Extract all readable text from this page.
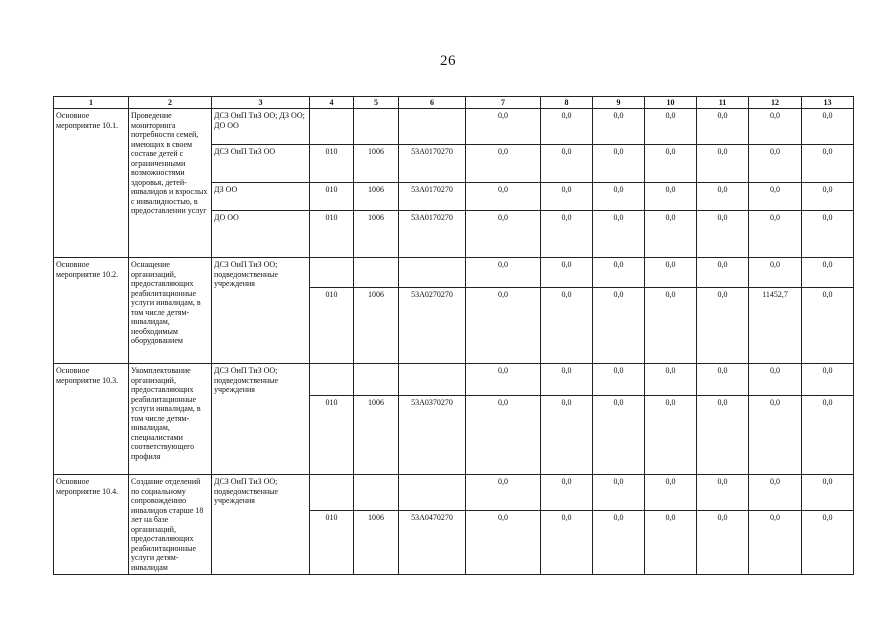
26
1	2	3	4	5	6	7	8	9	10	11	12	13
Основное мероприятие 10.1.	Проведение мониторинга потребности семей, имеющих в своем составе детей с ограниченными возможностями здоровья, детей-инвалидов и взрослых с инвалидностью, в предоставлении услуг	ДСЗ ОиП ТиЗ ОО; ДЗ ОО; ДО ОО				0,0	0,0	0,0	0,0	0,0	0,0	0,0
		ДСЗ ОиП ТиЗ ОО	010	1006	53А0170270	0,0	0,0	0,0	0,0	0,0	0,0	0,0
		ДЗ ОО	010	1006	53А0170270	0,0	0,0	0,0	0,0	0,0	0,0	0,0
		ДО ОО	010	1006	53А0170270	0,0	0,0	0,0	0,0	0,0	0,0	0,0
Основное мероприятие 10.2.	Оснащение организаций, предоставляющих реабилитационные услуги инвалидам, в том числе детям-инвалидам, необходимым оборудованием	ДСЗ ОиП ТиЗ ОО; подведомственные учреждения				0,0	0,0	0,0	0,0	0,0	0,0	0,0
			010	1006	53А0270270	0,0	0,0	0,0	0,0	0,0	11452,7	0,0
Основное мероприятие 10.3.	Укомплектование организаций, предоставляющих реабилитационные услуги инвалидам, в том числе детям-инвалидам, специалистами соответствующего профиля	ДСЗ ОиП ТиЗ ОО; подведомственные учреждения				0,0	0,0	0,0	0,0	0,0	0,0	0,0
			010	1006	53А0370270	0,0	0,0	0,0	0,0	0,0	0,0	0,0
Основное мероприятие 10.4.	Создание отделений по социальному сопровождению инвалидов старше 18 лет на базе организаций, предоставляющих реабилитационные услуги детям-инвалидам	ДСЗ ОиП ТиЗ ОО; подведомственные учреждения				0,0	0,0	0,0	0,0	0,0	0,0	0,0
			010	1006	53А0470270	0,0	0,0	0,0	0,0	0,0	0,0	0,0
